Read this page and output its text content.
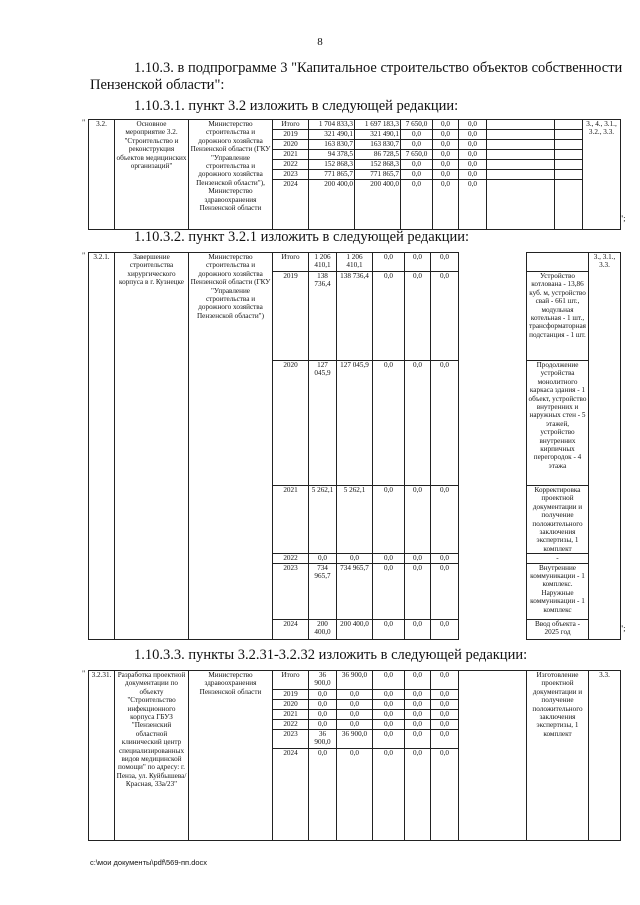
8
1.10.3. в подпрограмме 3 "Капитальное строительство объектов собственности
Пензенской области":
1.10.3.1. пункт 3.2 изложить в следующей редакции:
" 3.2.	Основное мероприятие 3.2. "Строительство и реконструкция объектов медицинских организаций"	Министерство строительства и дорожного хозяйства Пензенской области (ГКУ "Управление строительства и дорожного хозяйства Пензенской области"), Министерство здравоохранения Пензенской области	Итого	1 704 833,3	1 697 183,3	7 650,0	0,0	0,0			3., 4., 3.1., 3.2., 3.3.
			2019	321 490,1	321 490,1	0,0	0,0	0,0			
			2020	163 830,7	163 830,7	0,0	0,0	0,0			
			2021	94 378,5	86 728,5	7 650,0	0,0	0,0			
			2022	152 868,3	152 868,3	0,0	0,0	0,0			
			2023	771 865,7	771 865,7	0,0	0,0	0,0			
			2024	200 400,0	200 400,0	0,0	0,0	0,0			
";
1.10.3.2. пункт 3.2.1 изложить в следующей редакции:
" 3.2.1.	Завершение строительства хирургического корпуса в г. Кузнецке	Министерство строительства и дорожного хозяйства Пензенской области (ГКУ "Управление строительства и дорожного хозяйства Пензенской области")	Итого	1 206 410,1	1 206 410,1	0,0	0,0	0,0			3., 3.1., 3.3.
			2019	138 736,4	138 736,4	0,0	0,0	0,0		Устройство котлована - 13,86 куб. м, устройство свай - 661 шт., модульная котельная - 1 шт., трансформаторная подстанция - 1 шт.	
			2020	127 045,9	127 045,9	0,0	0,0	0,0		Продолжение устройства монолитного каркаса здания - 1 объект, устройство внутренних и наружных стен - 5 этажей, устройство внутренних кирпичных перегородок - 4 этажа	
			2021	5 262,1	5 262,1	0,0	0,0	0,0		Корректировка проектной документации и получение положительного заключения экспертизы, 1 комплект	
			2022	0,0	0,0	0,0	0,0	0,0		-	
			2023	734 965,7	734 965,7	0,0	0,0	0,0		Внутренние коммуникации - 1 комплекс. Наружные коммуникации - 1 комплекс	
			2024	200 400,0	200 400,0	0,0	0,0	0,0		Ввод объекта - 2025 год		";
1.10.3.3. пункты 3.2.31-3.2.32 изложить в следующей редакции:
" 3.2.31.	Разработка проектной документации по объекту "Строительство инфекционного корпуса ГБУЗ "Пензенский областной клинический центр специализированных видов медицинской помощи" по адресу: г. Пенза, ул. Куйбышева/ Красная, 33а/23"	Министерство здравоохранения Пензенской области	Итого	36 900,0	36 900,0	0,0	0,0	0,0		Изготовление проектной документации и получение положительного заключения экспертизы, 1 комплект	3.3.
			2019	0,0	0,0	0,0	0,0	0,0			
			2020	0,0	0,0	0,0	0,0	0,0			
			2021	0,0	0,0	0,0	0,0	0,0			
			2022	0,0	0,0	0,0	0,0	0,0			
			2023	36 900,0	36 900,0	0,0	0,0	0,0			
			2024	0,0	0,0	0,0	0,0	0,0			
c:\мои документы\pdf\569-пп.docx
